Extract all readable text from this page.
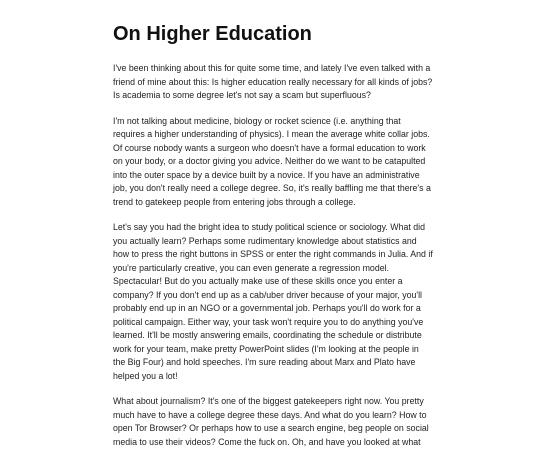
On Higher Education

I've been thinking about this for quite some time, and lately I've even talked with a friend of mine about this: Is higher education really necessary for all kinds of jobs? Is academia to some degree let's not say a scam but superfluous?

I'm not talking about medicine, biology or rocket science (i.e. anything that requires a higher understanding of physics). I mean the average white collar jobs. Of course nobody wants a surgeon who doesn't have a formal education to work on your body, or a doctor giving you advice. Neither do we want to be catapulted into the outer space by a device built by a novice. If you have an administrative job, you don't really need a college degree. So, it's really baffling me that there's a trend to gatekeep people from entering jobs through a college.

Let's say you had the bright idea to study political science or sociology. What did you actually learn? Perhaps some rudimentary knowledge about statistics and how to press the right buttons in SPSS or enter the right commands in Julia. And if you're particularly creative, you can even generate a regression model. Spectacular! But do you actually make use of these skills once you enter a company? If you don't end up as a cab/uber driver because of your major, you'll probably end up in an NGO or a governmental job. Perhaps you'll do work for a political campaign. Either way, your task won't require you to do anything you've learned. It'll be mostly answering emails, coordinating the schedule or distribute work for your team, make pretty PowerPoint slides (I'm looking at the people in the Big Four) and hold speeches. I'm sure reading about Marx and Plato have helped you a lot!

What about journalism? It's one of the biggest gatekeepers right now. You pretty much have to have a college degree these days. And what do you learn? How to open Tor Browser? Or perhaps how to use a search engine, beg people on social media to use their videos? Come the fuck on. Oh, and have you looked at what
